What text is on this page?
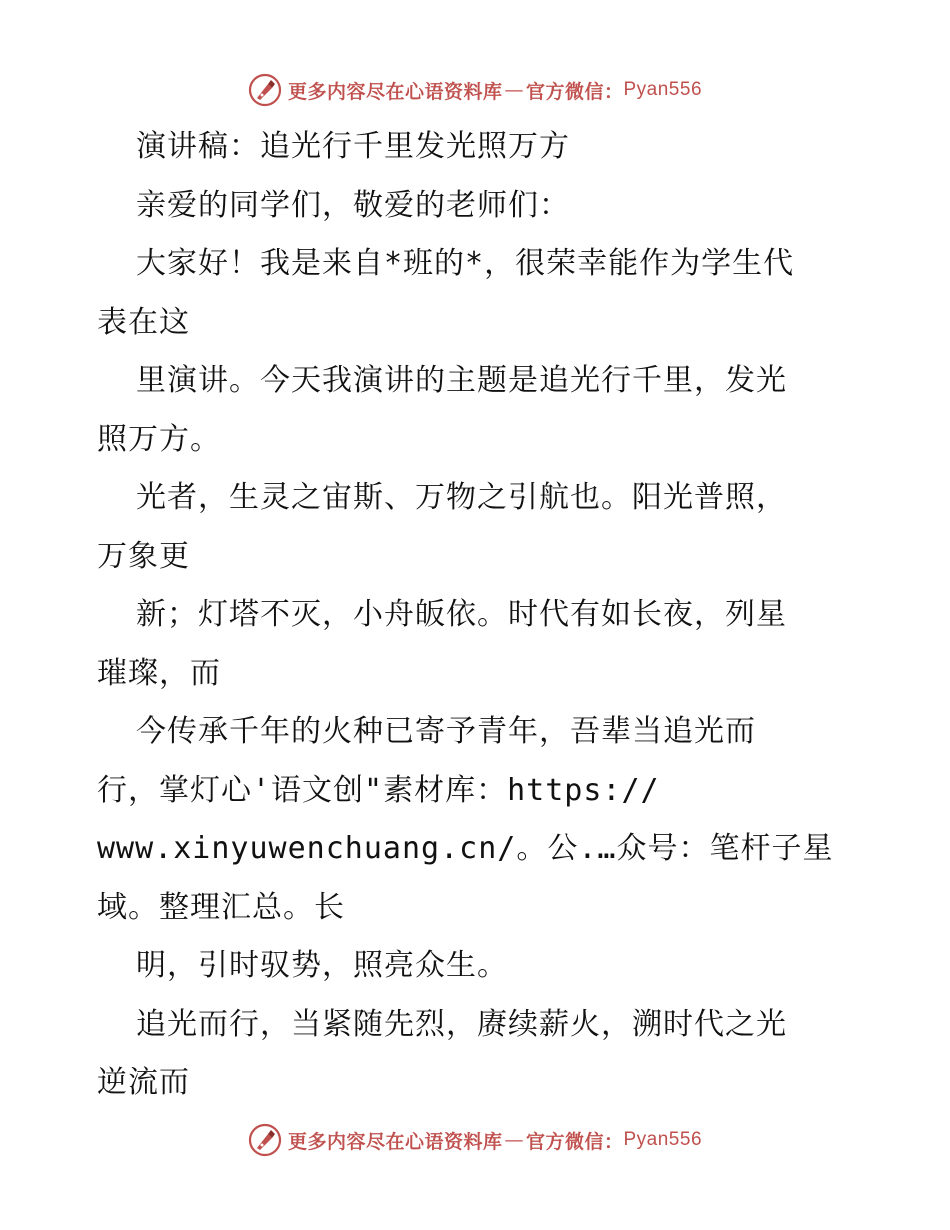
更多内容尽在心语资料库 — 官方微信： Pyan556

演讲稿：追光行千里发光照万方

亲爱的同学们，敬爱的老师们：

大家好！我是来自*班的*，很荣幸能作为学生代

表在这

里演讲。今天我演讲的主题是追光行千里，发光

照万方。

光者，生灵之宙斯、万物之引航也。阳光普照，

万象更

新；灯塔不灭，小舟皈依。时代有如长夜，列星

璀璨，而

今传承千年的火种已寄予青年，吾辈当追光而

行，掌灯心'语文创"素材库：https://

www.xinyuwenchuang.cn/。公.…众号：笔杆子星

域。整理汇总。长

明，引时驭势，照亮众生。

追光而行，当紧随先烈，赓续薪火，溯时代之光

逆流而

更多内容尽在心语资料库 — 官方微信： Pyan556
